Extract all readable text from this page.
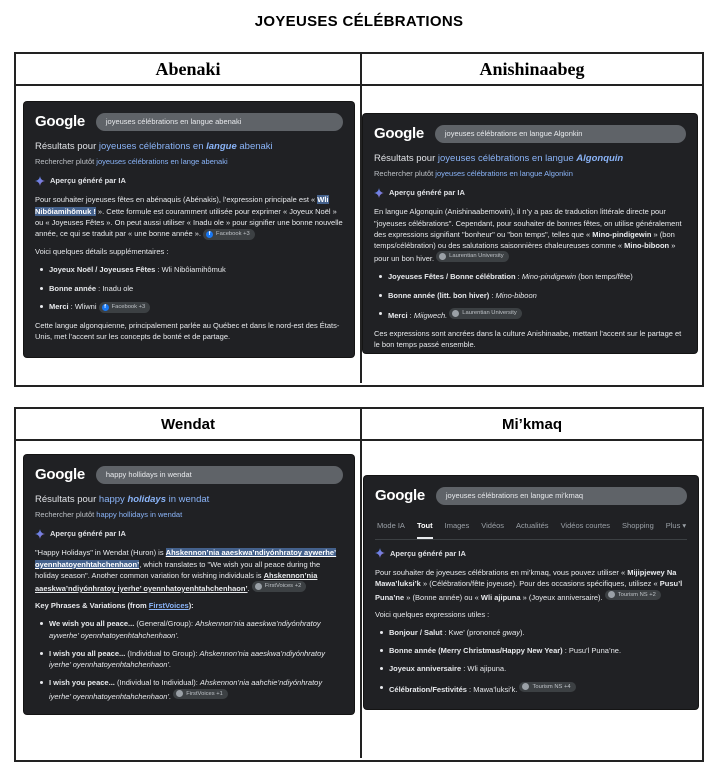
JOYEUSES CÉLÉBRATIONS
Abenaki	Anishinaabeg
Google	joyeuses célébrations en langue abenaki
Résultats pour joyeuses célébrations en langue abenaki
Rechercher plutôt joyeuses célébrations en lange abenaki
Aperçu généré par IA
Pour souhaiter joyeuses fêtes en abénaquis (Abénakis), l’expression principale est « Wli Nibôiamihômuk ! ». Cette formule est couramment utilisée pour exprimer « Joyeux Noël » ou « Joyeuses Fêtes ». On peut aussi utiliser « Inadu ole » pour signifier une bonne nouvelle année, ce qui se traduit par « une bonne année ».	f Facebook +3
Voici quelques détails supplémentaires :
Joyeux Noël / Joyeuses Fêtes : Wli Nibôiamihômuk
Bonne année : Inadu ole
Merci : Wliwni	f Facebook +3
Cette langue algonquienne, principalement parlée au Québec et dans le nord-est des États-Unis, met l’accent sur les concepts de bonté et de partage.
Google	joyeuses célébrations en langue Algonkin
Résultats pour joyeuses célébrations en langue Algonquin
Rechercher plutôt joyeuses célébrations en langue Algonkin
Aperçu généré par IA
En langue Algonquin (Anishinaabemowin), il n’y a pas de traduction littérale directe pour "joyeuses célébrations". Cependant, pour souhaiter de bonnes fêtes, on utilise généralement des expressions signifiant "bonheur" ou "bon temps", telles que « Mino-pindigewin » (bon temps/célébration) ou des salutations saisonnières chaleureuses comme « Mino-biboon » pour un bon hiver. Laurentian University
Joyeuses Fêtes / Bonne célébration : Mino-pindigewin (bon temps/fête)
Bonne année (litt. bon hiver) : Mino-biboon
Merci : Miigwech.	Laurentian University
Ces expressions sont ancrées dans la culture Anishinaabe, mettant l’accent sur le partage et le bon temps passé ensemble.
Wendat	Mi’kmaq
Google	happy hollidays in wendat
Résultats pour happy holidays in wendat
Rechercher plutôt happy hollidays in wendat
Aperçu généré par IA
"Happy Holidays" in Wendat (Huron) is Ahskennon’nia aaeskwa’ndiyónhratoy aywerhe’ oyennhatoyenhtahchenhaon’, which translates to "We wish you all peace during the holiday season". Another common variation for wishing individuals is Ahskennon’nia aaeskwa’ndiyónhratoy iyerhe’ oyennhatoyenhtahchenhaon’. FirstVoices +2
Key Phrases & Variations (from FirstVoices):
We wish you all peace... (General/Group): Ahskennon’nia aaeskwa’ndiyónhratoy aywerhe’ oyennhatoyenhtahchenhaon’.
I wish you all peace... (Individual to Group): Ahskennon’nia aaeskwa’ndiyónhratoy iyerhe’ oyennhatoyenhtahchenhaon’.
I wish you peace... (Individual to Individual): Ahskennon’nia aahchie’ndiyónhratoy iyerhe’ oyennhatoyenhtahchenhaon’.	FirstVoices +1
Google	joyeuses célébrations en langue mi’kmaq
Mode IA Tout Images Vidéos Actualités Vidéos courtes Shopping Plus ▾
Aperçu généré par IA
Pour souhaiter de joyeuses célébrations en mi’kmaq, vous pouvez utiliser « Mijipjewey Na Mawa’luksi’k » (Célébration/fête joyeuse). Pour des occasions spécifiques, utilisez « Pusu’l Puna’ne » (Bonne année) ou « Wli ajipuna » (Joyeux anniversaire). Tourism NS +2
Voici quelques expressions utiles :
Bonjour / Salut : Kwe’ (prononcé gway).
Bonne année (Merry Christmas/Happy New Year) : Pusu’l Puna’ne.
Joyeux anniversaire : Wli ajipuna.
Célébration/Festivités : Mawa’luksi’k. Tourism NS +4
